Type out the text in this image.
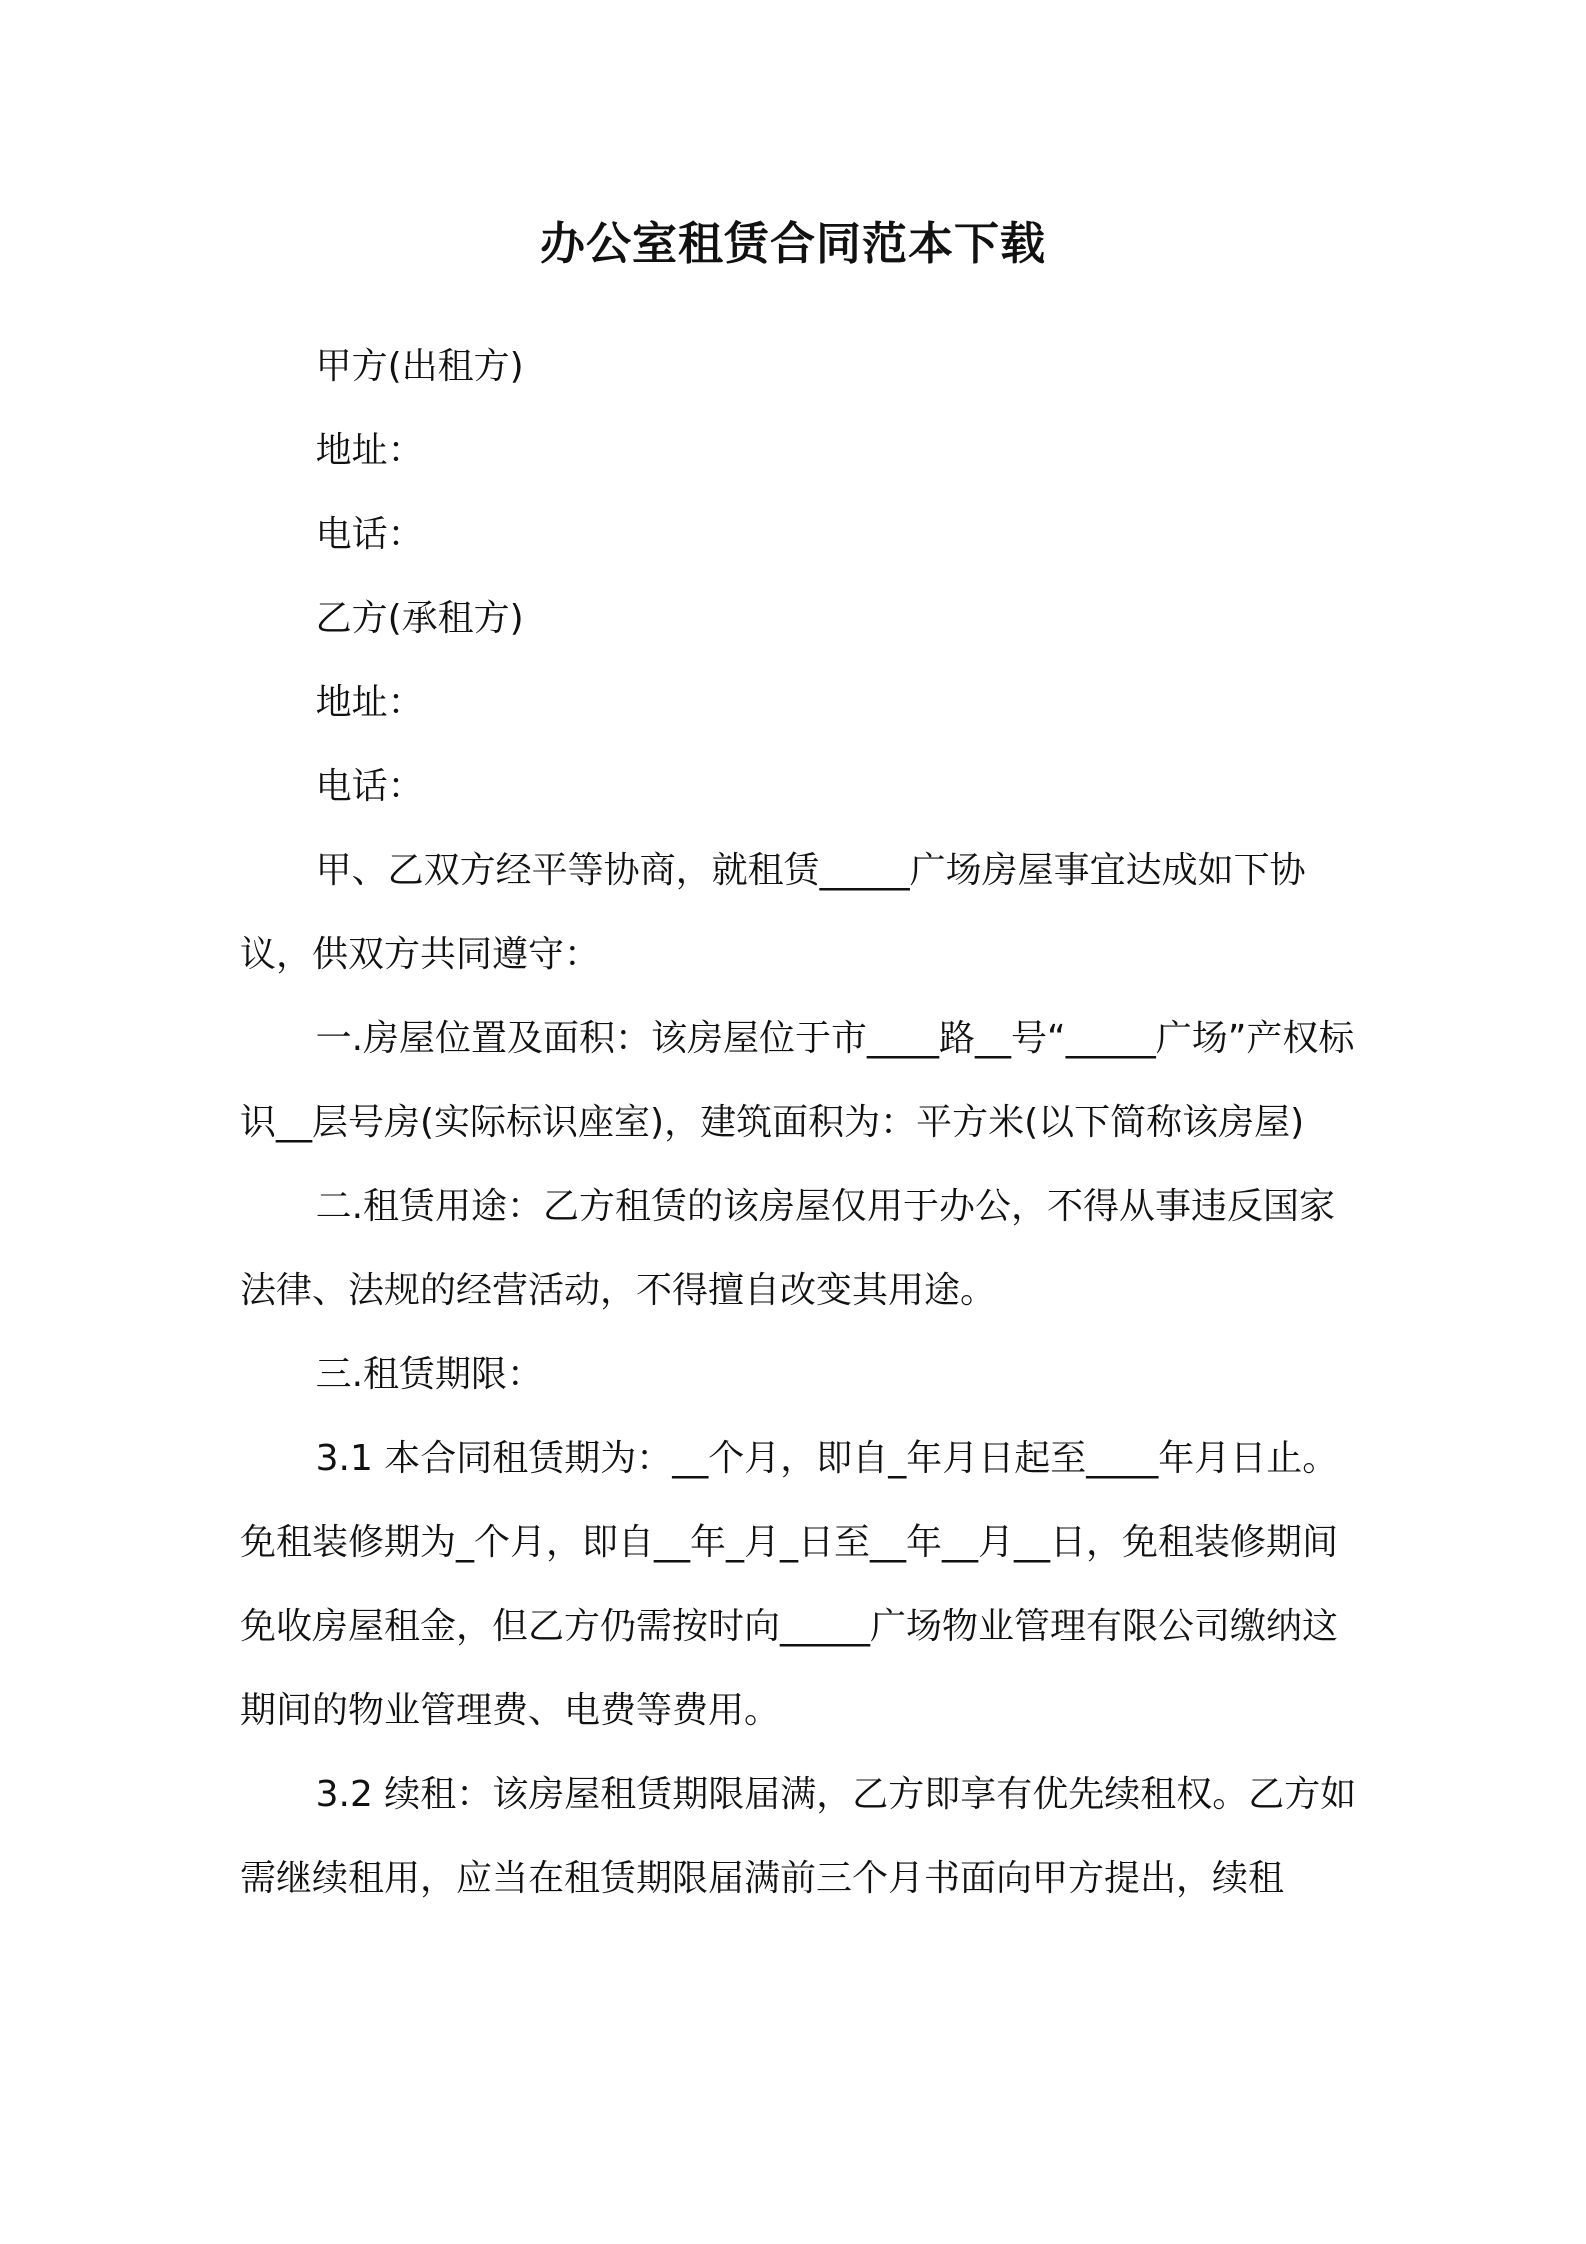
办公室租赁合同范本下载

甲方(出租方)

地址：

电话：

乙方(承租方)

地址：

电话：

甲、乙双方经平等协商，就租赁_____广场房屋事宜达成如下协议，供双方共同遵守：

一.房屋位置及面积：该房屋位于市____路__号“_____广场”产权标识__层号房(实际标识座室)，建筑面积为：平方米(以下简称该房屋)

二.租赁用途：乙方租赁的该房屋仅用于办公，不得从事违反国家法律、法规的经营活动，不得擅自改变其用途。

三.租赁期限：

3.1 本合同租赁期为：__个月，即自_年月日起至____年月日止。免租装修期为_个月，即自__年_月_日至__年__月__日，免租装修期间免收房屋租金，但乙方仍需按时向_____广场物业管理有限公司缴纳这期间的物业管理费、电费等费用。

3.2 续租：该房屋租赁期限届满，乙方即享有优先续租权。乙方如需继续租用，应当在租赁期限届满前三个月书面向甲方提出，续租
